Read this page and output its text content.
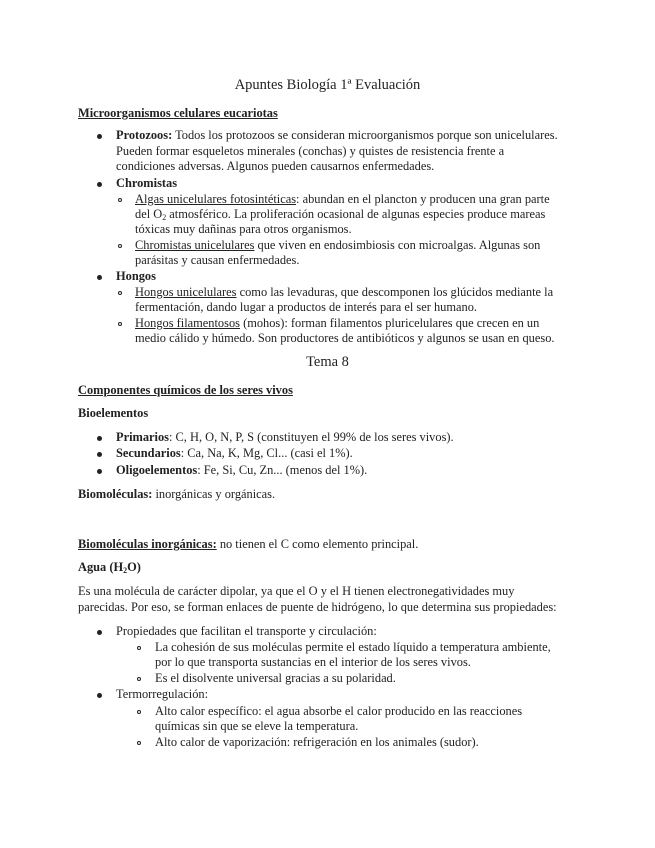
Apuntes Biología 1ª Evaluación
Microorganismos celulares eucariotas
Protozoos: Todos los protozoos se consideran microorganismos porque son unicelulares.
Pueden formar esqueletos minerales (conchas) y quistes de resistencia frente a
condiciones adversas. Algunos pueden causarnos enfermedades.
Chromistas
Algas unicelulares fotosintéticas: abundan en el plancton y producen una gran parte
del $O_2$ atmosférico. La proliferación ocasional de algunas especies produce mareas
tóxicas muy dañinas para otros organismos.
Chromistas unicelulares que viven en endosimbiosis con microalgas. Algunas son
parásitas y causan enfermedades.
Hongos
Hongos unicelulares como las levaduras, que descomponen los glúcidos mediante la
fermentación, dando lugar a productos de interés para el ser humano.
Hongos filamentosos (mohos): forman filamentos pluricelulares que crecen en un
medio cálido y húmedo. Son productores de antibióticos y algunos se usan en queso.
Tema 8
Componentes químicos de los seres vivos
Bioelementos
Primarios: C, H, O, N, P, S (constituyen el 99% de los seres vivos).
Secundarios: Ca, Na, K, Mg, Cl... (casi el 1%).
Oligoelementos: Fe, Si, Cu, Zn... (menos del 1%).
Biomoléculas: inorgánicas y orgánicas.
Biomoléculas inorgánicas: no tienen el C como elemento principal.
Agua $(H_2O)$
Es una molécula de carácter dipolar, ya que el O y el H tienen electronegatividades muy
parecidas. Por eso, se forman enlaces de puente de hidrógeno, lo que determina sus propiedades:
Propiedades que facilitan el transporte y circulación:
La cohesión de sus moléculas permite el estado líquido a temperatura ambiente,
por lo que transporta sustancias en el interior de los seres vivos.
Es el disolvente universal gracias a su polaridad.
Termorregulación:
Alto calor específico: el agua absorbe el calor producido en las reacciones
químicas sin que se eleve la temperatura.
Alto calor de vaporización: refrigeración en los animales (sudor).
